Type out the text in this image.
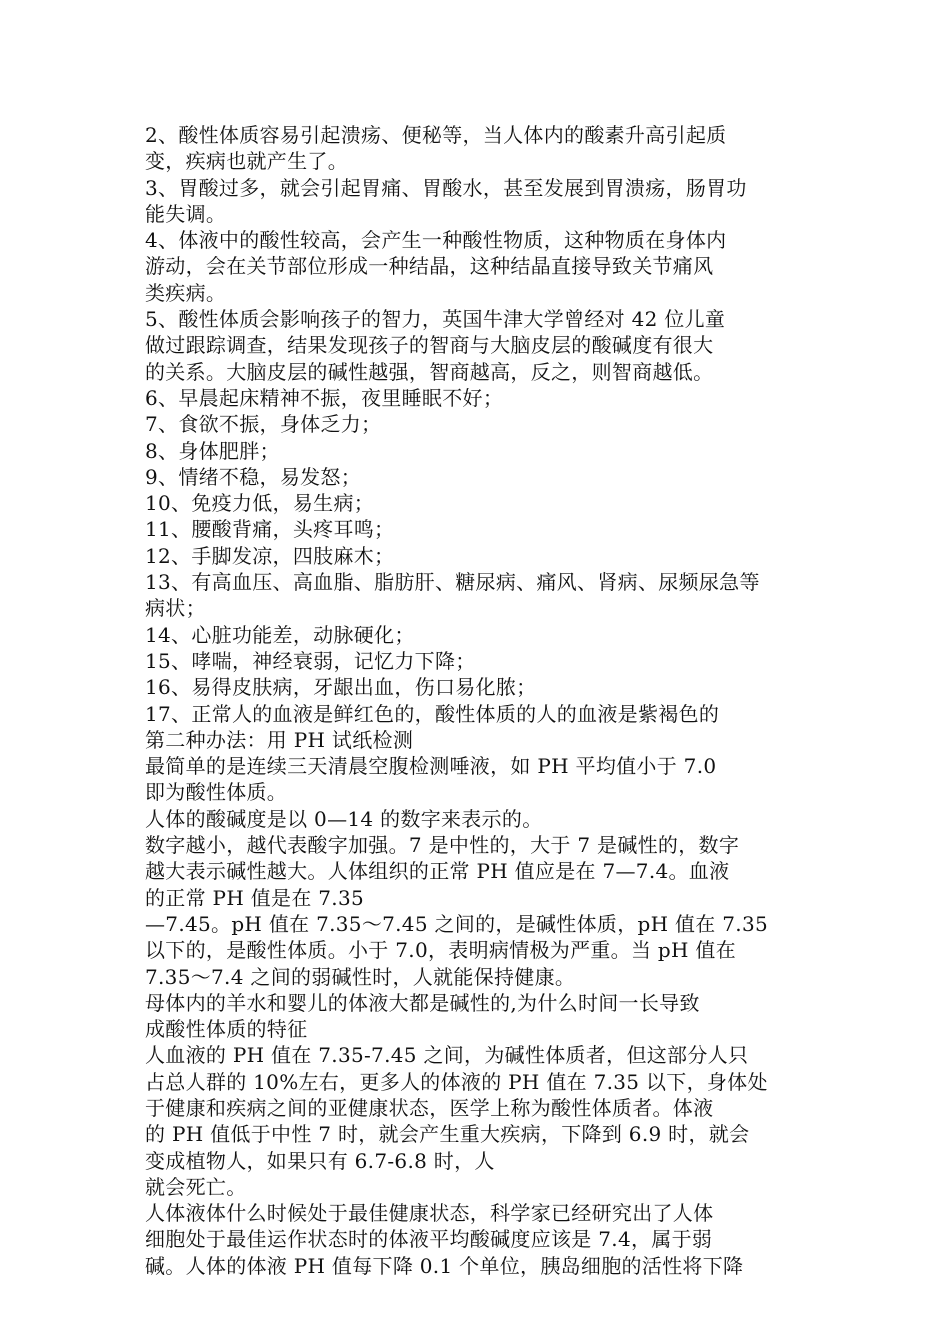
2、酸性体质容易引起溃疡、便秘等，当人体内的酸素升高引起质
变，疾病也就产生了。
3、胃酸过多，就会引起胃痛、胃酸水，甚至发展到胃溃疡，肠胃功
能失调。
4、体液中的酸性较高，会产生一种酸性物质，这种物质在身体内
游动，会在关节部位形成一种结晶，这种结晶直接导致关节痛风
类疾病。
5、酸性体质会影响孩子的智力，英国牛津大学曾经对 42 位儿童
做过跟踪调查，结果发现孩子的智商与大脑皮层的酸碱度有很大
的关系。大脑皮层的碱性越强，智商越高，反之，则智商越低。
6、早晨起床精神不振，夜里睡眠不好；
7、食欲不振，身体乏力；
8、身体肥胖；
9、情绪不稳，易发怒；
10、免疫力低，易生病；
11、腰酸背痛，头疼耳鸣；
12、手脚发凉，四肢麻木；
13、有高血压、高血脂、脂肪肝、糖尿病、痛风、肾病、尿频尿急等
病状；
14、心脏功能差，动脉硬化；
15、哮喘，神经衰弱，记忆力下降；
16、易得皮肤病，牙龈出血，伤口易化脓；
17、正常人的血液是鲜红色的，酸性体质的人的血液是紫褐色的
第二种办法：用 PH 试纸检测
最简单的是连续三天清晨空腹检测唾液，如 PH 平均值小于 7.0
即为酸性体质。
人体的酸碱度是以 0—14 的数字来表示的。
数字越小，越代表酸字加强。7 是中性的，大于 7 是碱性的，数字
越大表示碱性越大。人体组织的正常 PH 值应是在 7—7.4。血液
的正常 PH 值是在 7.35
—7.45。pH 值在 7.35～7.45 之间的，是碱性体质，pH 值在 7.35
以下的，是酸性体质。小于 7.0，表明病情极为严重。当 pH 值在
7.35～7.4 之间的弱碱性时，人就能保持健康。
母体内的羊水和婴儿的体液大都是碱性的,为什么时间一长导致
成酸性体质的特征
人血液的 PH 值在 7.35-7.45 之间，为碱性体质者，但这部分人只
占总人群的 10%左右，更多人的体液的 PH 值在 7.35 以下，身体处
于健康和疾病之间的亚健康状态，医学上称为酸性体质者。体液
的 PH 值低于中性 7 时，就会产生重大疾病，下降到 6.9 时，就会
变成植物人，如果只有 6.7-6.8 时，人
就会死亡。
人体液体什么时候处于最佳健康状态，科学家已经研究出了人体
细胞处于最佳运作状态时的体液平均酸碱度应该是 7.4，属于弱
碱。人体的体液 PH 值每下降 0.1 个单位，胰岛细胞的活性将下降
